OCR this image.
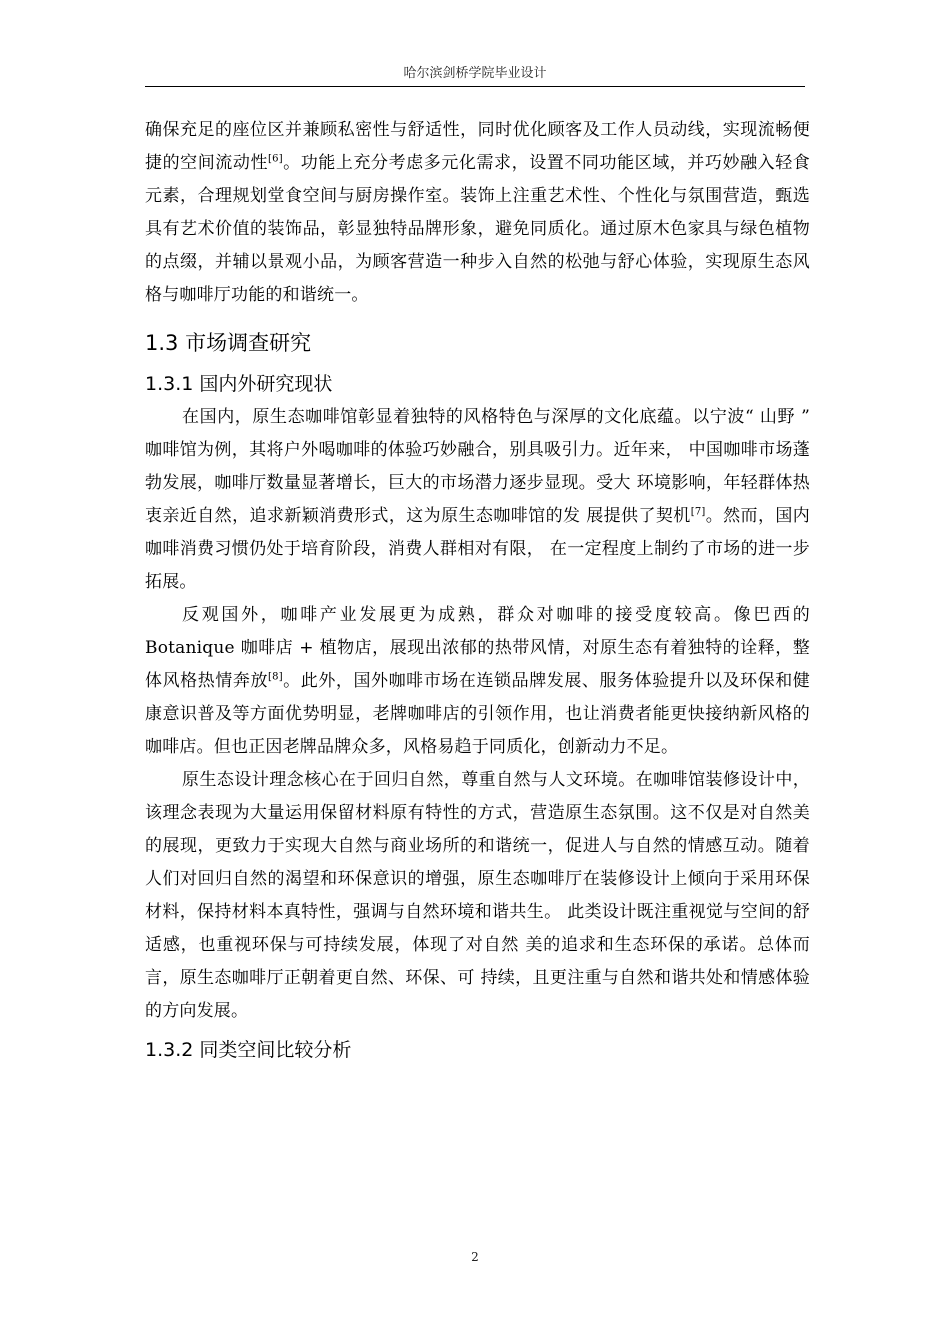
哈尔滨剑桥学院毕业设计

确保充足的座位区并兼顾私密性与舒适性，同时优化顾客及工作人员动线，实现流畅便捷的空间流动性[6]。功能上充分考虑多元化需求，设置不同功能区域，并巧妙融入轻食元素，合理规划堂食空间与厨房操作室。装饰上注重艺术性、个性化与氛围营造，甄选具有艺术价值的装饰品，彰显独特品牌形象，避免同质化。通过原木色家具与绿色植物的点缀，并辅以景观小品，为顾客营造一种步入自然的松弛与舒心体验，实现原生态风格与咖啡厅功能的和谐统一。

1.3 市场调查研究
1.3.1 国内外研究现状

在国内，原生态咖啡馆彰显着独特的风格特色与深厚的文化底蕴。以宁波“ 山野 ” 咖啡馆为例，其将户外喝咖啡的体验巧妙融合，别具吸引力。近年来， 中国咖啡市场蓬勃发展，咖啡厅数量显著增长，巨大的市场潜力逐步显现。受大 环境影响，年轻群体热衷亲近自然，追求新颖消费形式，这为原生态咖啡馆的发 展提供了契机[7]。然而，国内咖啡消费习惯仍处于培育阶段，消费人群相对有限， 在一定程度上制约了市场的进一步拓展。

反观国外，咖啡产业发展更为成熟，群众对咖啡的接受度较高。像巴西的 Botanique 咖啡店 + 植物店，展现出浓郁的热带风情，对原生态有着独特的诠释，整体风格热情奔放[8]。此外，国外咖啡市场在连锁品牌发展、服务体验提升以及环保和健康意识普及等方面优势明显，老牌咖啡店的引领作用，也让消费者能更快接纳新风格的咖啡店。但也正因老牌品牌众多，风格易趋于同质化，创新动力不足。

原生态设计理念核心在于回归自然，尊重自然与人文环境。在咖啡馆装修设计中，该理念表现为大量运用保留材料原有特性的方式，营造原生态氛围。这不仅是对自然美的展现，更致力于实现大自然与商业场所的和谐统一，促进人与自然的情感互动。随着人们对回归自然的渴望和环保意识的增强，原生态咖啡厅在装修设计上倾向于采用环保材料，保持材料本真特性，强调与自然环境和谐共生。 此类设计既注重视觉与空间的舒适感，也重视环保与可持续发展，体现了对自然 美的追求和生态环保的承诺。总体而言，原生态咖啡厅正朝着更自然、环保、可 持续，且更注重与自然和谐共处和情感体验的方向发展。

1.3.2 同类空间比较分析
2
